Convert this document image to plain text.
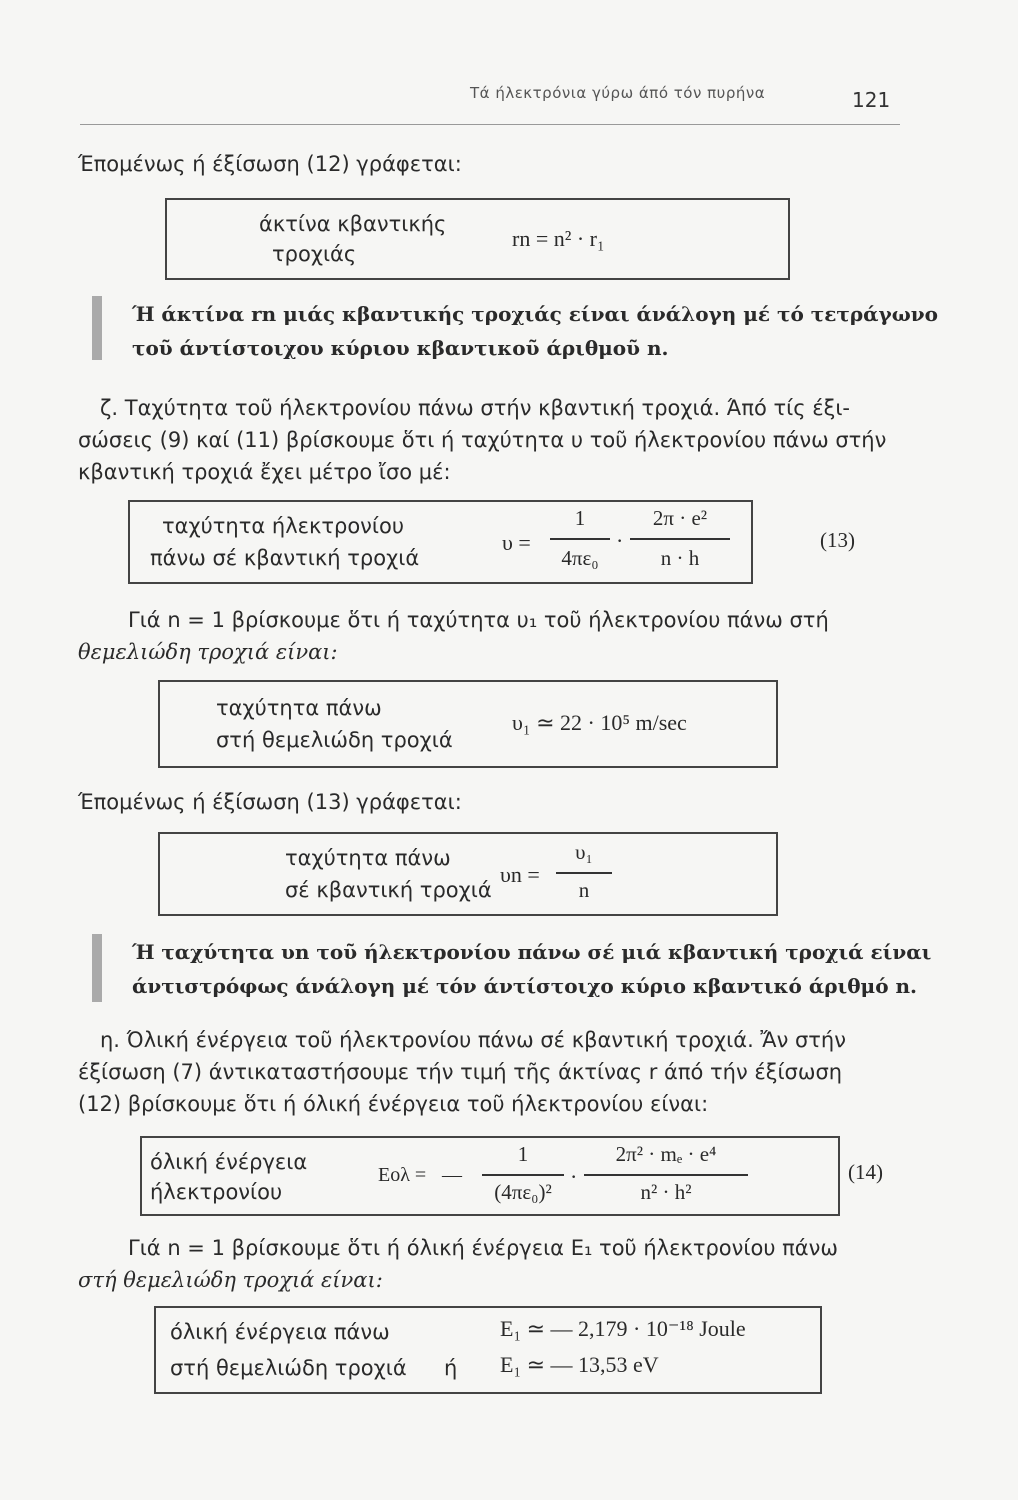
Τά ήλεκτρόνια γύρω άπό τόν πυρήνα	121
Έπομένως ή έξίσωση (12) γράφεται:
άκτίνα κβαντικής
τροχιάς
rn = n² · r₁
Ή άκτίνα rn μιάς κβαντικής τροχιάς είναι άνάλογη μέ τό τετράγωνο
τοῦ άντίστοιχου κύριου κβαντικοῦ άριθμοῦ n.
ζ. Ταχύτητα τοῦ ήλεκτρονίου πάνω στήν κβαντική τροχιά. Άπό τίς έξι-
σώσεις (9) καί (11) βρίσκουμε ὅτι ή ταχύτητα υ τοῦ ήλεκτρονίου πάνω στήν
κβαντική τροχιά ἔχει μέτρο ἴσο μέ:
ταχύτητα ήλεκτρονίου
πάνω σέ κβαντική τροχιά
υ =
1
4πε₀
·
2π · e²
n · h
(13)
Γιά n = 1 βρίσκουμε ὅτι ή ταχύτητα υ₁ τοῦ ήλεκτρονίου πάνω στή
θεμελιώδη τροχιά είναι:
ταχύτητα πάνω
στή θεμελιώδη τροχιά
υ₁ ≃ 22 · 10⁵ m/sec
Έπομένως ή έξίσωση (13) γράφεται:
ταχύτητα πάνω
σέ κβαντική τροχιά
υn =
υ₁
n
Ή ταχύτητα υn τοῦ ήλεκτρονίου πάνω σέ μιά κβαντική τροχιά είναι
άντιστρόφως άνάλογη μέ τόν άντίστοιχο κύριο κβαντικό άριθμό n.
η. Όλική ένέργεια τοῦ ήλεκτρονίου πάνω σέ κβαντική τροχιά. Ἄν στήν
έξίσωση (7) άντικαταστήσουμε τήν τιμή τῆς άκτίνας r άπό τήν έξίσωση
(12) βρίσκουμε ὅτι ή όλική ένέργεια τοῦ ήλεκτρονίου είναι:
όλική ένέργεια
ήλεκτρονίου
Eολ = —
1
(4πε₀)²
·
2π² · mₑ · e⁴
n² · h²
(14)
Γιά n = 1 βρίσκουμε ὅτι ή όλική ένέργεια E₁ τοῦ ήλεκτρονίου πάνω
στή θεμελιώδη τροχιά είναι:
όλική ένέργεια πάνω
στή θεμελιώδη τροχιά ή
E₁ ≃ — 2,179 · 10⁻¹⁸ Joule
E₁ ≃ — 13,53 eV
